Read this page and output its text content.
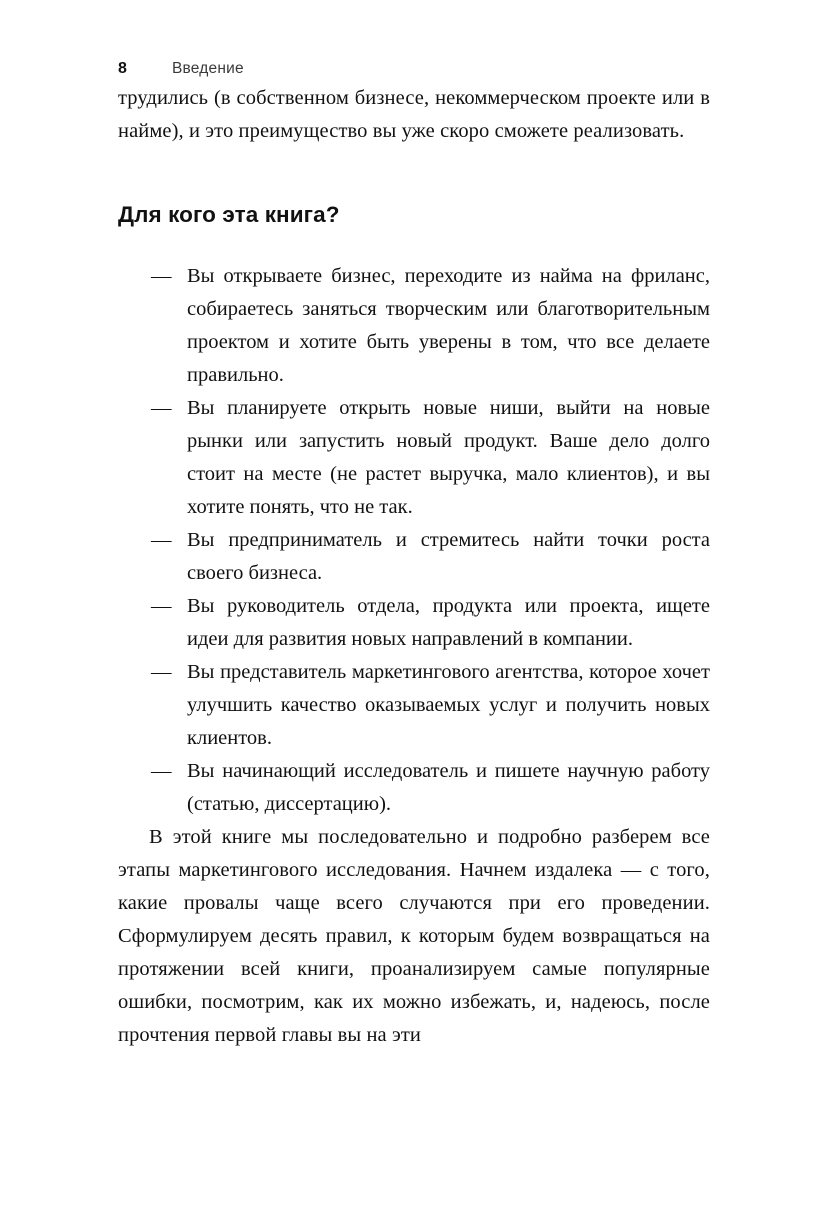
8	Введение

трудились (в собственном бизнесе, некоммерческом проекте или в найме), и это преимущество вы уже скоро сможете реализовать.

Для кого эта книга?
— Вы открываете бизнес, переходите из найма на фриланс, собираетесь заняться творческим или благотворительным проектом и хотите быть уверены в том, что все делаете правильно.
— Вы планируете открыть новые ниши, выйти на новые рынки или запустить новый продукт. Ваше дело долго стоит на месте (не растет выручка, мало клиентов), и вы хотите понять, что не так.
— Вы предприниматель и стремитесь найти точки роста своего бизнеса.
— Вы руководитель отдела, продукта или проекта, ищете идеи для развития новых направлений в компании.
— Вы представитель маркетингового агентства, которое хочет улучшить качество оказываемых услуг и получить новых клиентов.
— Вы начинающий исследователь и пишете научную работу (статью, диссертацию).

В этой книге мы последовательно и подробно разберем все этапы маркетингового исследования. Начнем издалека — с того, какие провалы чаще всего случаются при его проведении. Сформулируем десять правил, к которым будем возвращаться на протяжении всей книги, проанализируем самые популярные ошибки, посмотрим, как их можно избежать, и, надеюсь, после прочтения первой главы вы на эти
